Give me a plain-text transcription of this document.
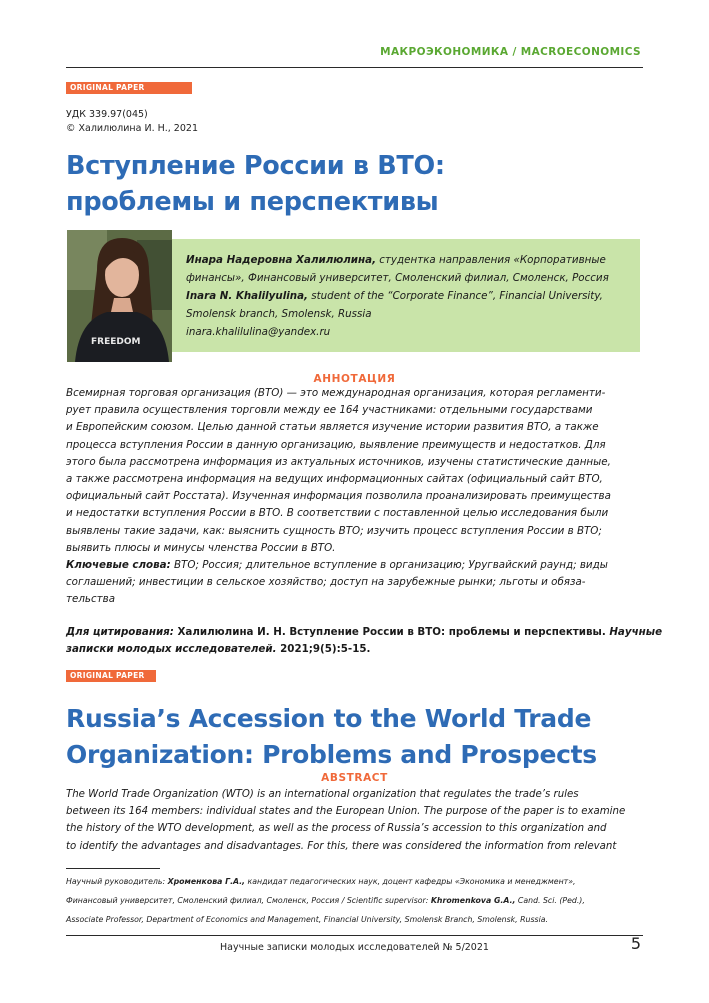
МАКРОЭКОНОМИКА / MACROECONOMICS
ORIGINAL PAPER
УДК 339.97(045)
© Халилюлина И. Н., 2021
Вступление России в ВТО:
проблемы и перспективы
FREEDOM
Инара Надеровна Халилюлина, студентка направления «Корпоративные
финансы», Финансовый университет, Смоленский филиал, Смоленск, Россия
Inara N. Khalilyulina, student of the “Corporate Finance”, Financial University,
Smolensk branch, Smolensk, Russia
inara.khalilulina@yandex.ru
АННОТАЦИЯ
Всемирная торговая организация (ВТО) — это международная организация, которая регламенти-
рует правила осуществления торговли между ее 164 участниками: отдельными государствами
и Европейским союзом. Целью данной статьи является изучение истории развития ВТО, а также
процесса вступления России в данную организацию, выявление преимуществ и недостатков. Для
этого была рассмотрена информация из актуальных источников, изучены статистические данные,
а также рассмотрена информация на ведущих информационных сайтах (официальный сайт ВТО,
официальный сайт Росстата). Изученная информация позволила проанализировать преимущества
и недостатки вступления России в ВТО. В соответствии с поставленной целью исследования были
выявлены такие задачи, как: выяснить сущность ВТО; изучить процесс вступления России в ВТО;
выявить плюсы и минусы членства России в ВТО.
Ключевые слова: ВТО; Россия; длительное вступление в организацию; Уругвайский раунд; виды
соглашений; инвестиции в сельское хозяйство; доступ на зарубежные рынки; льготы и обяза-
тельства
Для цитирования: Халилюлина И. Н. Вступление России в ВТО: проблемы и перспективы. Научные
записки молодых исследователей. 2021;9(5):5-15.
ORIGINAL PAPER
Russia’s Accession to the World Trade
Organization: Problems and Prospects
ABSTRACT
The World Trade Organization (WTO) is an international organization that regulates the trade’s rules
between its 164 members: individual states and the European Union. The purpose of the paper is to examine
the history of the WTO development, as well as the process of Russia’s accession to this organization and
to identify the advantages and disadvantages. For this, there was considered the information from relevant
Научный руководитель: Хроменкова Г.А., кандидат педагогических наук, доцент кафедры «Экономика и менеджмент»,
Финансовый университет, Смоленский филиал, Смоленск, Россия / Scientific supervisor: Khromenkova G.A., Cand. Sci. (Ped.),
Associate Professor, Department of Economics and Management, Financial University, Smolensk Branch, Smolensk, Russia.
Научные записки молодых исследователей № 5/2021	5
